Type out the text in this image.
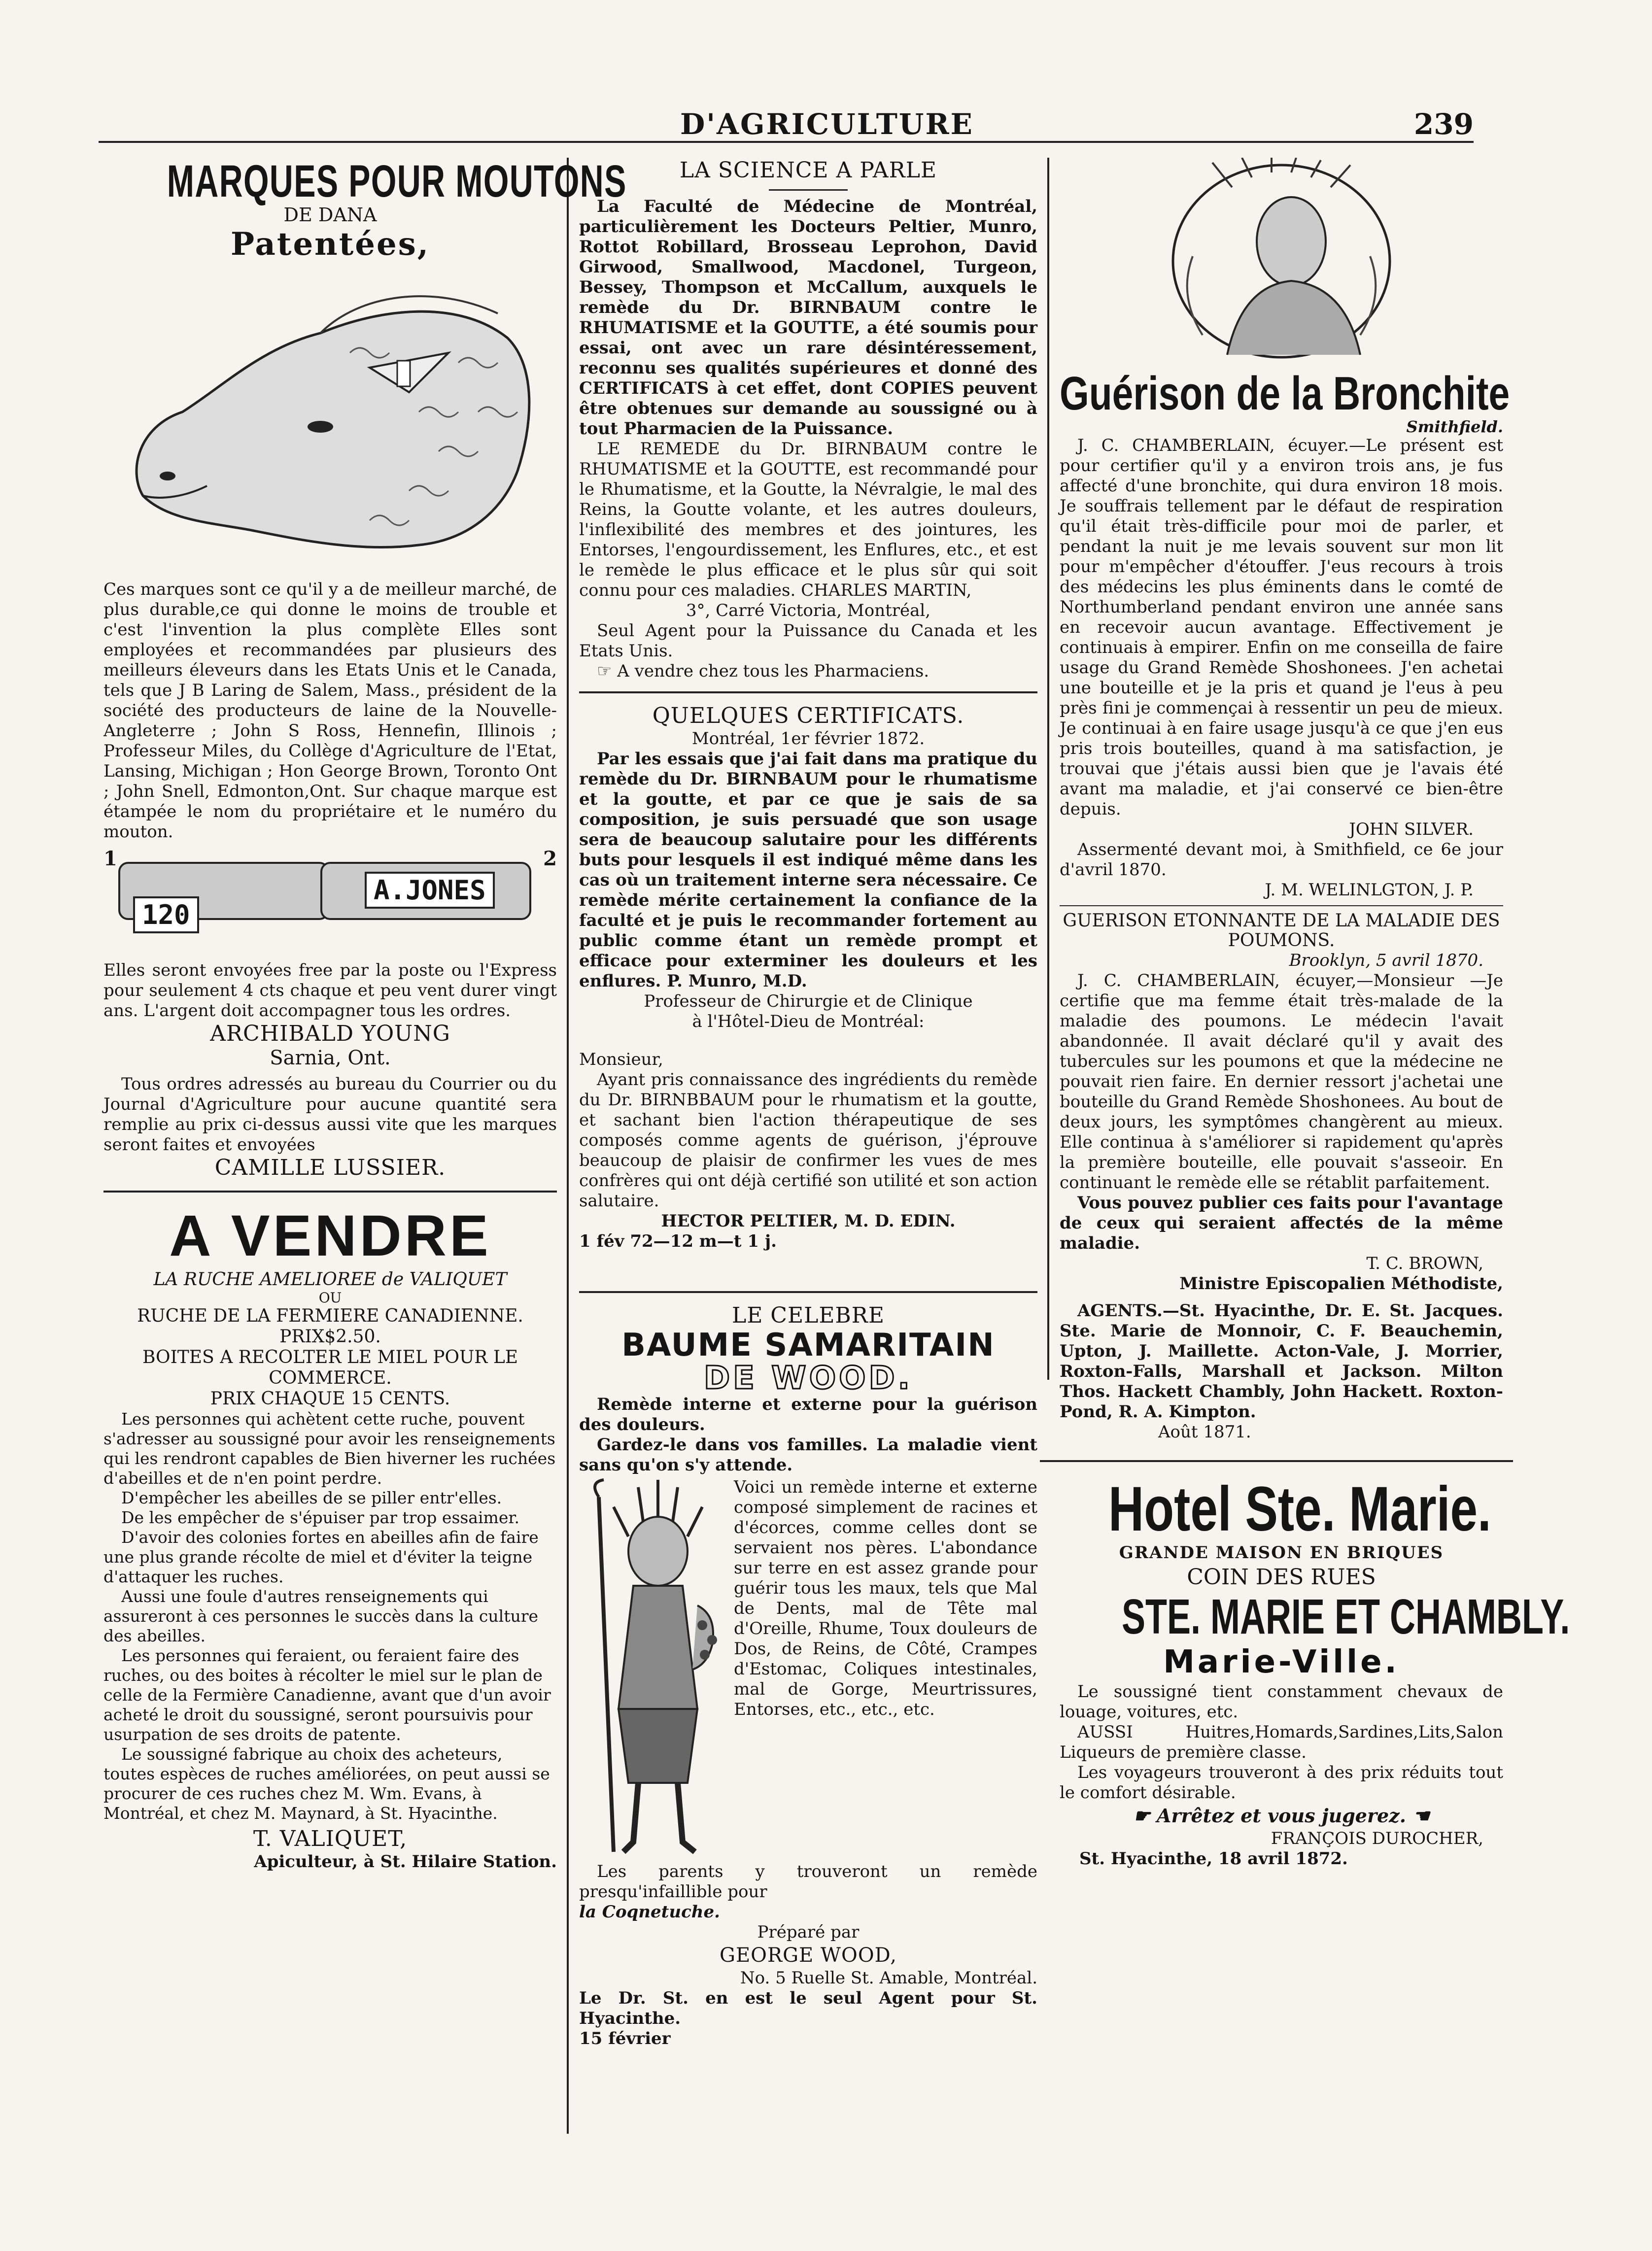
D'AGRICULTURE	239
MARQUES POUR MOUTONS

DE DANA

Patentées,

Ces marques sont ce qu'il y a de meilleur marché, de plus durable,ce qui donne le moins de trouble et c'est l'invention la plus complète Elles sont employées et recommandées par plusieurs des meilleurs éleveurs dans les Etats Unis et le Canada, tels que J B Laring de Salem, Mass., président de la société des producteurs de laine de la Nouvelle-Angleterre ; John S Ross, Hennefin, Illinois ; Professeur Miles, du Collège d'Agriculture de l'Etat, Lansing, Michigan ; Hon George Brown, Toronto Ont ; John Snell, Edmonton,Ont. Sur chaque marque est étampée le nom du propriétaire et le numéro du mouton.

1	2
120
A.JONES

Elles seront envoyées free par la poste ou l'Express pour seulement 4 cts chaque et peu vent durer vingt ans. L'argent doit accompagner tous les ordres.

ARCHIBALD YOUNG

Sarnia, Ont.

Tous ordres adressés au bureau du Courrier ou du Journal d'Agriculture pour aucune quantité sera remplie au prix ci-dessus aussi vite que les marques seront faites et envoyées

CAMILLE LUSSIER.

A VENDRE

LA RUCHE AMELIOREE de VALIQUET

OU

RUCHE DE LA FERMIERE CANADIENNE.

PRIX$2.50.

BOITES A RECOLTER LE MIEL POUR LE COMMERCE.

PRIX CHAQUE 15 CENTS.

Les personnes qui achètent cette ruche, pouvent s'adresser au soussigné pour avoir les renseignements qui les rendront capables de Bien hiverner les ruchées d'abeilles et de n'en point perdre.

D'empêcher les abeilles de se piller entr'elles.

De les empêcher de s'épuiser par trop essaimer.

D'avoir des colonies fortes en abeilles afin de faire une plus grande récolte de miel et d'éviter la teigne d'attaquer les ruches.

Aussi une foule d'autres renseignements qui assureront à ces personnes le succès dans la culture des abeilles.

Les personnes qui feraient, ou feraient faire des ruches, ou des boites à récolter le miel sur le plan de celle de la Fermière Canadienne, avant que d'un avoir acheté le droit du soussigné, seront poursuivis pour usurpation de ses droits de patente.

Le soussigné fabrique au choix des acheteurs, toutes espèces de ruches améliorées, on peut aussi se procurer de ces ruches chez M. Wm. Evans, à Montréal, et chez M. Maynard, à St. Hyacinthe.

T. VALIQUET,

Apiculteur, à St. Hilaire Station.

LA SCIENCE A PARLE

La Faculté de Médecine de Montréal, particulièrement les Docteurs Peltier, Munro, Rottot Robillard, Brosseau Leprohon, David Girwood, Smallwood, Macdonel, Turgeon, Bessey, Thompson et McCallum, auxquels le remède du Dr. BIRNBAUM contre le RHUMATISME et la GOUTTE, a été soumis pour essai, ont avec un rare désintéressement, reconnu ses qualités supérieures et donné des CERTIFICATS à cet effet, dont COPIES peuvent être obtenues sur demande au soussigné ou à tout Pharmacien de la Puissance.

LE REMEDE du Dr. BIRNBAUM contre le RHUMATISME et la GOUTTE, est recommandé pour le Rhumatisme, et la Goutte, la Névralgie, le mal des Reins, la Goutte volante, et les autres douleurs, l'inflexibilité des membres et des jointures, les Entorses, l'engourdissement, les Enflures, etc., et est le remède le plus efficace et le plus sûr qui soit connu pour ces maladies. CHARLES MARTIN,

3°, Carré Victoria, Montréal,

Seul Agent pour la Puissance du Canada et les Etats Unis.

☞ A vendre chez tous les Pharmaciens.

QUELQUES CERTIFICATS.

Montréal, 1er février 1872.

Par les essais que j'ai fait dans ma pratique du remède du Dr. BIRNBAUM pour le rhumatisme et la goutte, et par ce que je sais de sa composition, je suis persuadé que son usage sera de beaucoup salutaire pour les différents buts pour lesquels il est indiqué même dans les cas où un traitement interne sera nécessaire. Ce remède mérite certainement la confiance de la faculté et je puis le recommander fortement au public comme étant un remède prompt et efficace pour exterminer les douleurs et les enflures. P. Munro, M.D.

Professeur de Chirurgie et de Clinique

à l'Hôtel-Dieu de Montréal:

Monsieur,

Ayant pris connaissance des ingrédients du remède du Dr. BIRNBBAUM pour le rhumatism et la goutte, et sachant bien l'action thérapeutique de ses composés comme agents de guérison, j'éprouve beaucoup de plaisir de confirmer les vues de mes confrères qui ont déjà certifié son utilité et son action salutaire.

HECTOR PELTIER, M. D. EDIN.

1 fév 72—12 m—t 1 j.

LE CELEBRE

BAUME SAMARITAIN

DE WOOD.

Remède interne et externe pour la guérison des douleurs.

Gardez-le dans vos familles. La maladie vient sans qu'on s'y attende.

Voici un remède interne et externe composé simplement de racines et d'écorces, comme celles dont se servaient nos pères. L'abondance sur terre en est assez grande pour guérir tous les maux, tels que Mal de Dents, mal de Tête mal d'Oreille, Rhume, Toux douleurs de Dos, de Reins, de Côté, Crampes d'Estomac, Coliques intestinales, mal de Gorge, Meurtrissures, Entorses, etc., etc., etc.

Les parents y trouveront un remède presqu'infaillible pour

la Coqnetuche.

Préparé par

GEORGE WOOD,

No. 5 Ruelle St. Amable, Montréal.

Le Dr. St. en est le seul Agent pour St. Hyacinthe.

15 février

Guérison de la Bronchite

Smithfield.

J. C. CHAMBERLAIN, écuyer.—Le présent est pour certifier qu'il y a environ trois ans, je fus affecté d'une bronchite, qui dura environ 18 mois. Je souffrais tellement par le défaut de respiration qu'il était très-difficile pour moi de parler, et pendant la nuit je me levais souvent sur mon lit pour m'empêcher d'étouffer. J'eus recours à trois des médecins les plus éminents dans le comté de Northumberland pendant environ une année sans en recevoir aucun avantage. Effectivement je continuais à empirer. Enfin on me conseilla de faire usage du Grand Remède Shoshonees. J'en achetai une bouteille et je la pris et quand je l'eus à peu près fini je commençai à ressentir un peu de mieux. Je continuai à en faire usage jusqu'à ce que j'en eus pris trois bouteilles, quand à ma satisfaction, je trouvai que j'étais aussi bien que je l'avais été avant ma maladie, et j'ai conservé ce bien-être depuis.

JOHN SILVER.

Assermenté devant moi, à Smithfield, ce 6e jour d'avril 1870.

J. M. WELINLGTON, J. P.

GUERISON ETONNANTE DE LA MALADIE DES POUMONS.

Brooklyn, 5 avril 1870.

J. C. CHAMBERLAIN, écuyer,—Monsieur —Je certifie que ma femme était très-malade de la maladie des poumons. Le médecin l'avait abandonnée. Il avait déclaré qu'il y avait des tubercules sur les poumons et que la médecine ne pouvait rien faire. En dernier ressort j'achetai une bouteille du Grand Remède Shoshonees. Au bout de deux jours, les symptômes changèrent au mieux. Elle continua à s'améliorer si rapidement qu'après la première bouteille, elle pouvait s'asseoir. En continuant le remède elle se rétablit parfaitement.

Vous pouvez publier ces faits pour l'avantage de ceux qui seraient affectés de la même maladie.

T. C. BROWN,

Ministre Episcopalien Méthodiste,

AGENTS.—St. Hyacinthe, Dr. E. St. Jacques. Ste. Marie de Monnoir, C. F. Beauchemin, Upton, J. Maillette. Acton-Vale, J. Morrier, Roxton-Falls, Marshall et Jackson. Milton Thos. Hackett Chambly, John Hackett. Roxton-Pond, R. A. Kimpton.

Août 1871.

Hotel Ste. Marie.

GRANDE MAISON EN BRIQUES

COIN DES RUES

STE. MARIE ET CHAMBLY.

Marie-Ville.

Le soussigné tient constamment chevaux de louage, voitures, etc.

AUSSI Huitres,Homards,Sardines,Lits,Salon Liqueurs de première classe.

Les voyageurs trouveront à des prix réduits tout le comfort désirable.

☛ Arrêtez et vous jugerez. ☚

FRANÇOIS DUROCHER,

St. Hyacinthe, 18 avril 1872.
